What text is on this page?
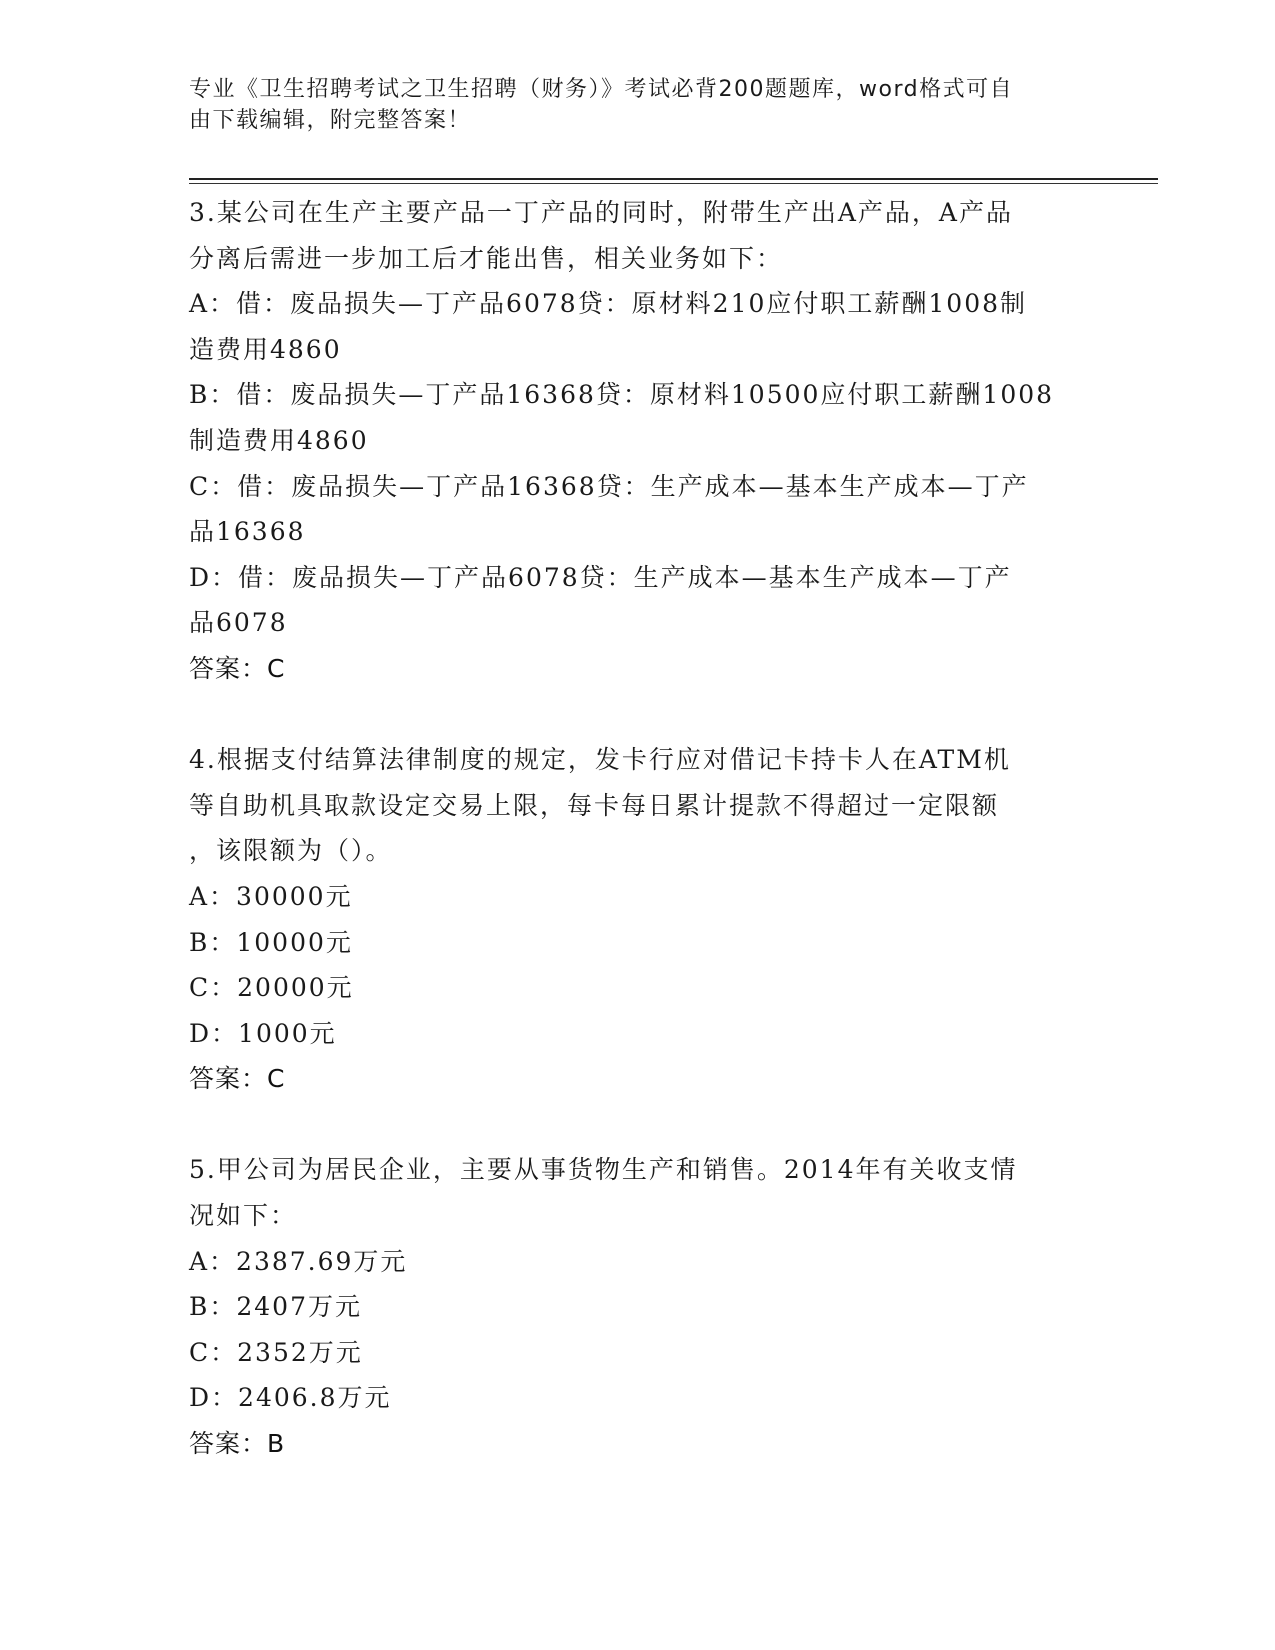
专业《卫生招聘考试之卫生招聘（财务）》考试必背200题题库，word格式可自
由下载编辑，附完整答案！

3.某公司在生产主要产品一丁产品的同时，附带生产出A产品，A产品

分离后需进一步加工后才能出售，相关业务如下：

A：借：废品损失—丁产品6078贷：原材料210应付职工薪酬1008制

造费用4860

B：借：废品损失—丁产品16368贷：原材料10500应付职工薪酬1008

制造费用4860

C：借：废品损失—丁产品16368贷：生产成本—基本生产成本—丁产

品16368

D：借：废品损失—丁产品6078贷：生产成本—基本生产成本—丁产

品6078

答案：C

4.根据支付结算法律制度的规定，发卡行应对借记卡持卡人在ATM机

等自助机具取款设定交易上限，每卡每日累计提款不得超过一定限额

，该限额为（）。

A：30000元

B：10000元

C：20000元

D：1000元

答案：C

5.甲公司为居民企业，主要从事货物生产和销售。2014年有关收支情

况如下：

A：2387.69万元

B：2407万元

C：2352万元

D：2406.8万元

答案：B
